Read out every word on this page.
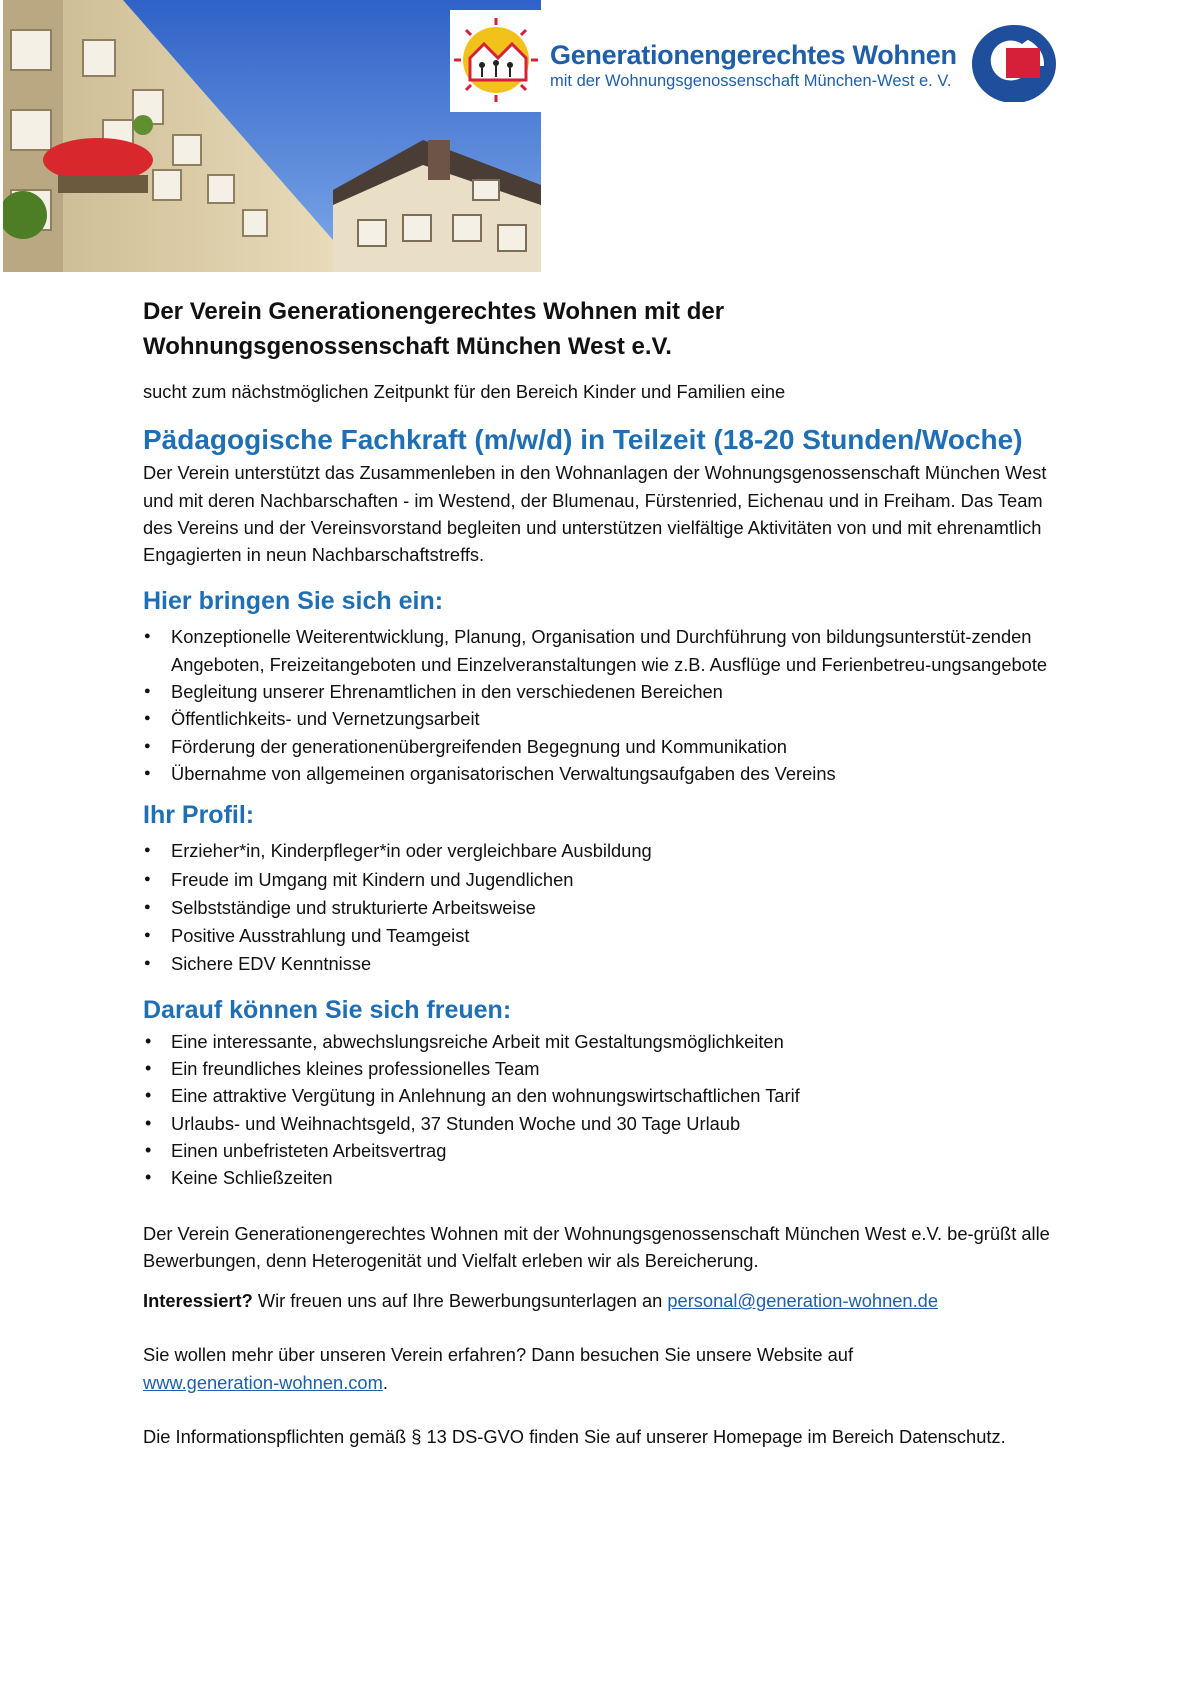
Generationengerechtes Wohnen
mit der Wohnungsgenossenschaft München-West e. V.

Der Verein Generationengerechtes Wohnen mit der
Wohnungsgenossenschaft München West e.V.

sucht zum nächstmöglichen Zeitpunkt für den Bereich Kinder und Familien eine
Pädagogische Fachkraft (m/w/d) in Teilzeit (18-20 Stunden/Woche)
Der Verein unterstützt das Zusammenleben in den Wohnanlagen der Wohnungsgenossenschaft München West und mit deren Nachbarschaften - im Westend, der Blumenau, Fürstenried, Eichenau und in Freiham. Das Team des Vereins und der Vereinsvorstand begleiten und unterstützen vielfältige Aktivitäten von und mit ehrenamtlich Engagierten in neun Nachbarschaftstreffs.
Hier bringen Sie sich ein:
● Konzeptionelle Weiterentwicklung, Planung, Organisation und Durchführung von bildungsunterstüt-zenden Angeboten, Freizeitangeboten und Einzelveranstaltungen wie z.B. Ausflüge und Ferienbetreu-ungsangebote
● Begleitung unserer Ehrenamtlichen in den verschiedenen Bereichen
● Öffentlichkeits- und Vernetzungsarbeit
● Förderung der generationenübergreifenden Begegnung und Kommunikation
● Übernahme von allgemeinen organisatorischen Verwaltungsaufgaben des Vereins
Ihr Profil:
● Erzieher*in, Kinderpfleger*in oder vergleichbare Ausbildung
● Freude im Umgang mit Kindern und Jugendlichen
● Selbstständige und strukturierte Arbeitsweise
● Positive Ausstrahlung und Teamgeist
● Sichere EDV Kenntnisse
Darauf können Sie sich freuen:
• Eine interessante, abwechslungsreiche Arbeit mit Gestaltungsmöglichkeiten
• Ein freundliches kleines professionelles Team
• Eine attraktive Vergütung in Anlehnung an den wohnungswirtschaftlichen Tarif
• Urlaubs- und Weihnachtsgeld, 37 Stunden Woche und 30 Tage Urlaub
• Einen unbefristeten Arbeitsvertrag
• Keine Schließzeiten
Der Verein Generationengerechtes Wohnen mit der Wohnungsgenossenschaft München West e.V. be-grüßt alle Bewerbungen, denn Heterogenität und Vielfalt erleben wir als Bereicherung.
Interessiert? Wir freuen uns auf Ihre Bewerbungsunterlagen an personal@generation-wohnen.de
Sie wollen mehr über unseren Verein erfahren? Dann besuchen Sie unsere Website auf
www.generation-wohnen.com.
Die Informationspflichten gemäß § 13 DS-GVO finden Sie auf unserer Homepage im Bereich Datenschutz.
